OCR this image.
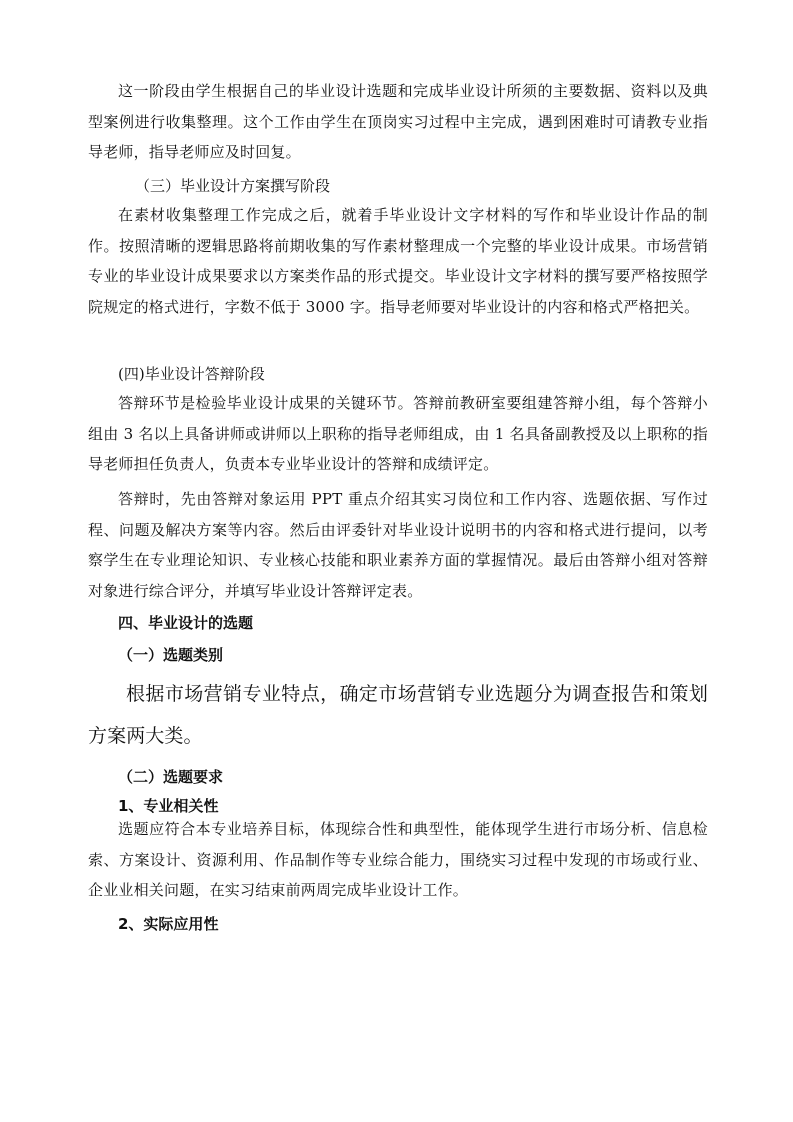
这一阶段由学生根据自己的毕业设计选题和完成毕业设计所须的主要数据、资料以及典型案例进行收集整理。这个工作由学生在顶岗实习过程中主完成，遇到困难时可请教专业指导老师，指导老师应及时回复。

（三）毕业设计方案撰写阶段

在素材收集整理工作完成之后，就着手毕业设计文字材料的写作和毕业设计作品的制作。按照清晰的逻辑思路将前期收集的写作素材整理成一个完整的毕业设计成果。市场营销专业的毕业设计成果要求以方案类作品的形式提交。毕业设计文字材料的撰写要严格按照学院规定的格式进行，字数不低于 3000 字。指导老师要对毕业设计的内容和格式严格把关。

(四)毕业设计答辩阶段

答辩环节是检验毕业设计成果的关键环节。答辩前教研室要组建答辩小组，每个答辩小组由 3 名以上具备讲师或讲师以上职称的指导老师组成，由 1 名具备副教授及以上职称的指导老师担任负责人，负责本专业毕业设计的答辩和成绩评定。

答辩时，先由答辩对象运用 PPT 重点介绍其实习岗位和工作内容、选题依据、写作过程、问题及解决方案等内容。然后由评委针对毕业设计说明书的内容和格式进行提问，以考察学生在专业理论知识、专业核心技能和职业素养方面的掌握情况。最后由答辩小组对答辩对象进行综合评分，并填写毕业设计答辩评定表。

四、毕业设计的选题
（一）选题类别

根据市场营销专业特点，确定市场营销专业选题分为调查报告和策划方案两大类。

（二）选题要求
1、专业相关性

选题应符合本专业培养目标，体现综合性和典型性，能体现学生进行市场分析、信息检索、方案设计、资源利用、作品制作等专业综合能力，围绕实习过程中发现的市场或行业、企业业相关问题，在实习结束前两周完成毕业设计工作。

2、实际应用性
